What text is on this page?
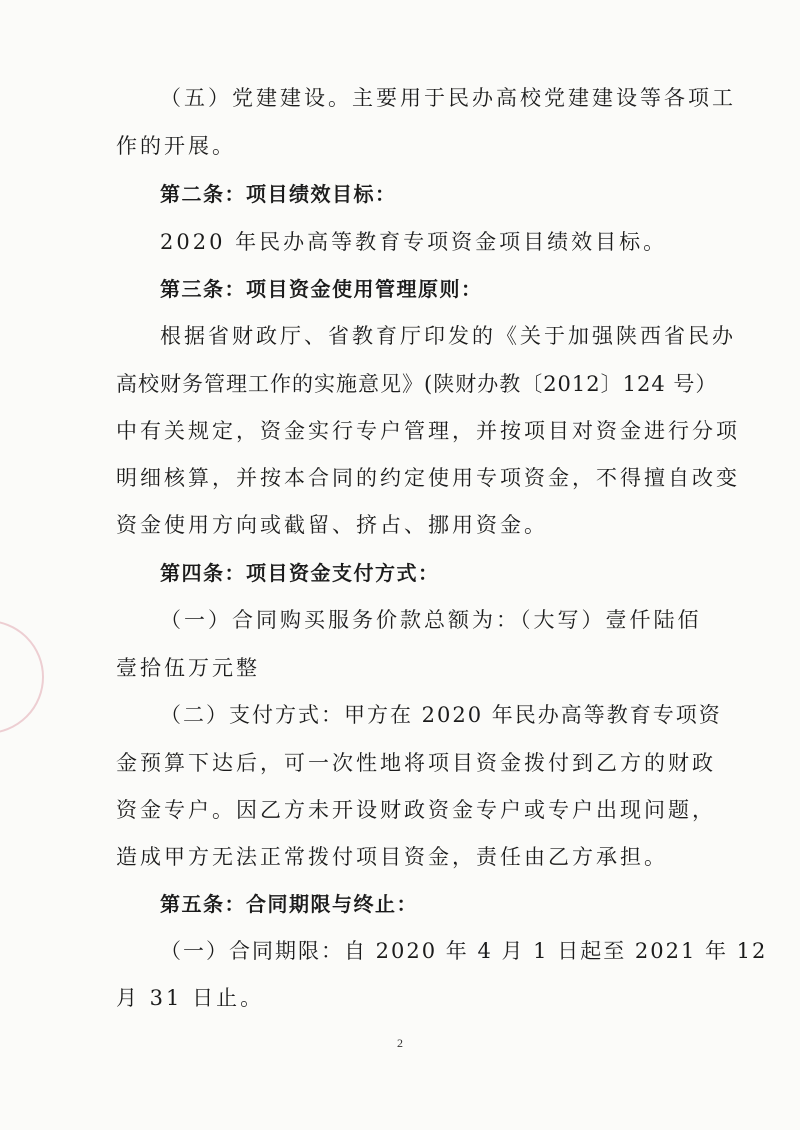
（五）党建建设。主要用于民办高校党建建设等各项工
作的开展。
第二条：项目绩效目标：
2020 年民办高等教育专项资金项目绩效目标。
第三条：项目资金使用管理原则：
根据省财政厅、省教育厅印发的《关于加强陕西省民办
高校财务管理工作的实施意见》(陕财办教〔2012〕124 号）
中有关规定，资金实行专户管理，并按项目对资金进行分项
明细核算，并按本合同的约定使用专项资金，不得擅自改变
资金使用方向或截留、挤占、挪用资金。
第四条：项目资金支付方式：
（一）合同购买服务价款总额为：（大写）壹仟陆佰
壹拾伍万元整
（二）支付方式：甲方在 2020 年民办高等教育专项资
金预算下达后，可一次性地将项目资金拨付到乙方的财政
资金专户。因乙方未开设财政资金专户或专户出现问题，
造成甲方无法正常拨付项目资金，责任由乙方承担。
第五条：合同期限与终止：
（一）合同期限：自 2020 年 4 月 1 日起至 2021 年 12
月 31 日止。
2
